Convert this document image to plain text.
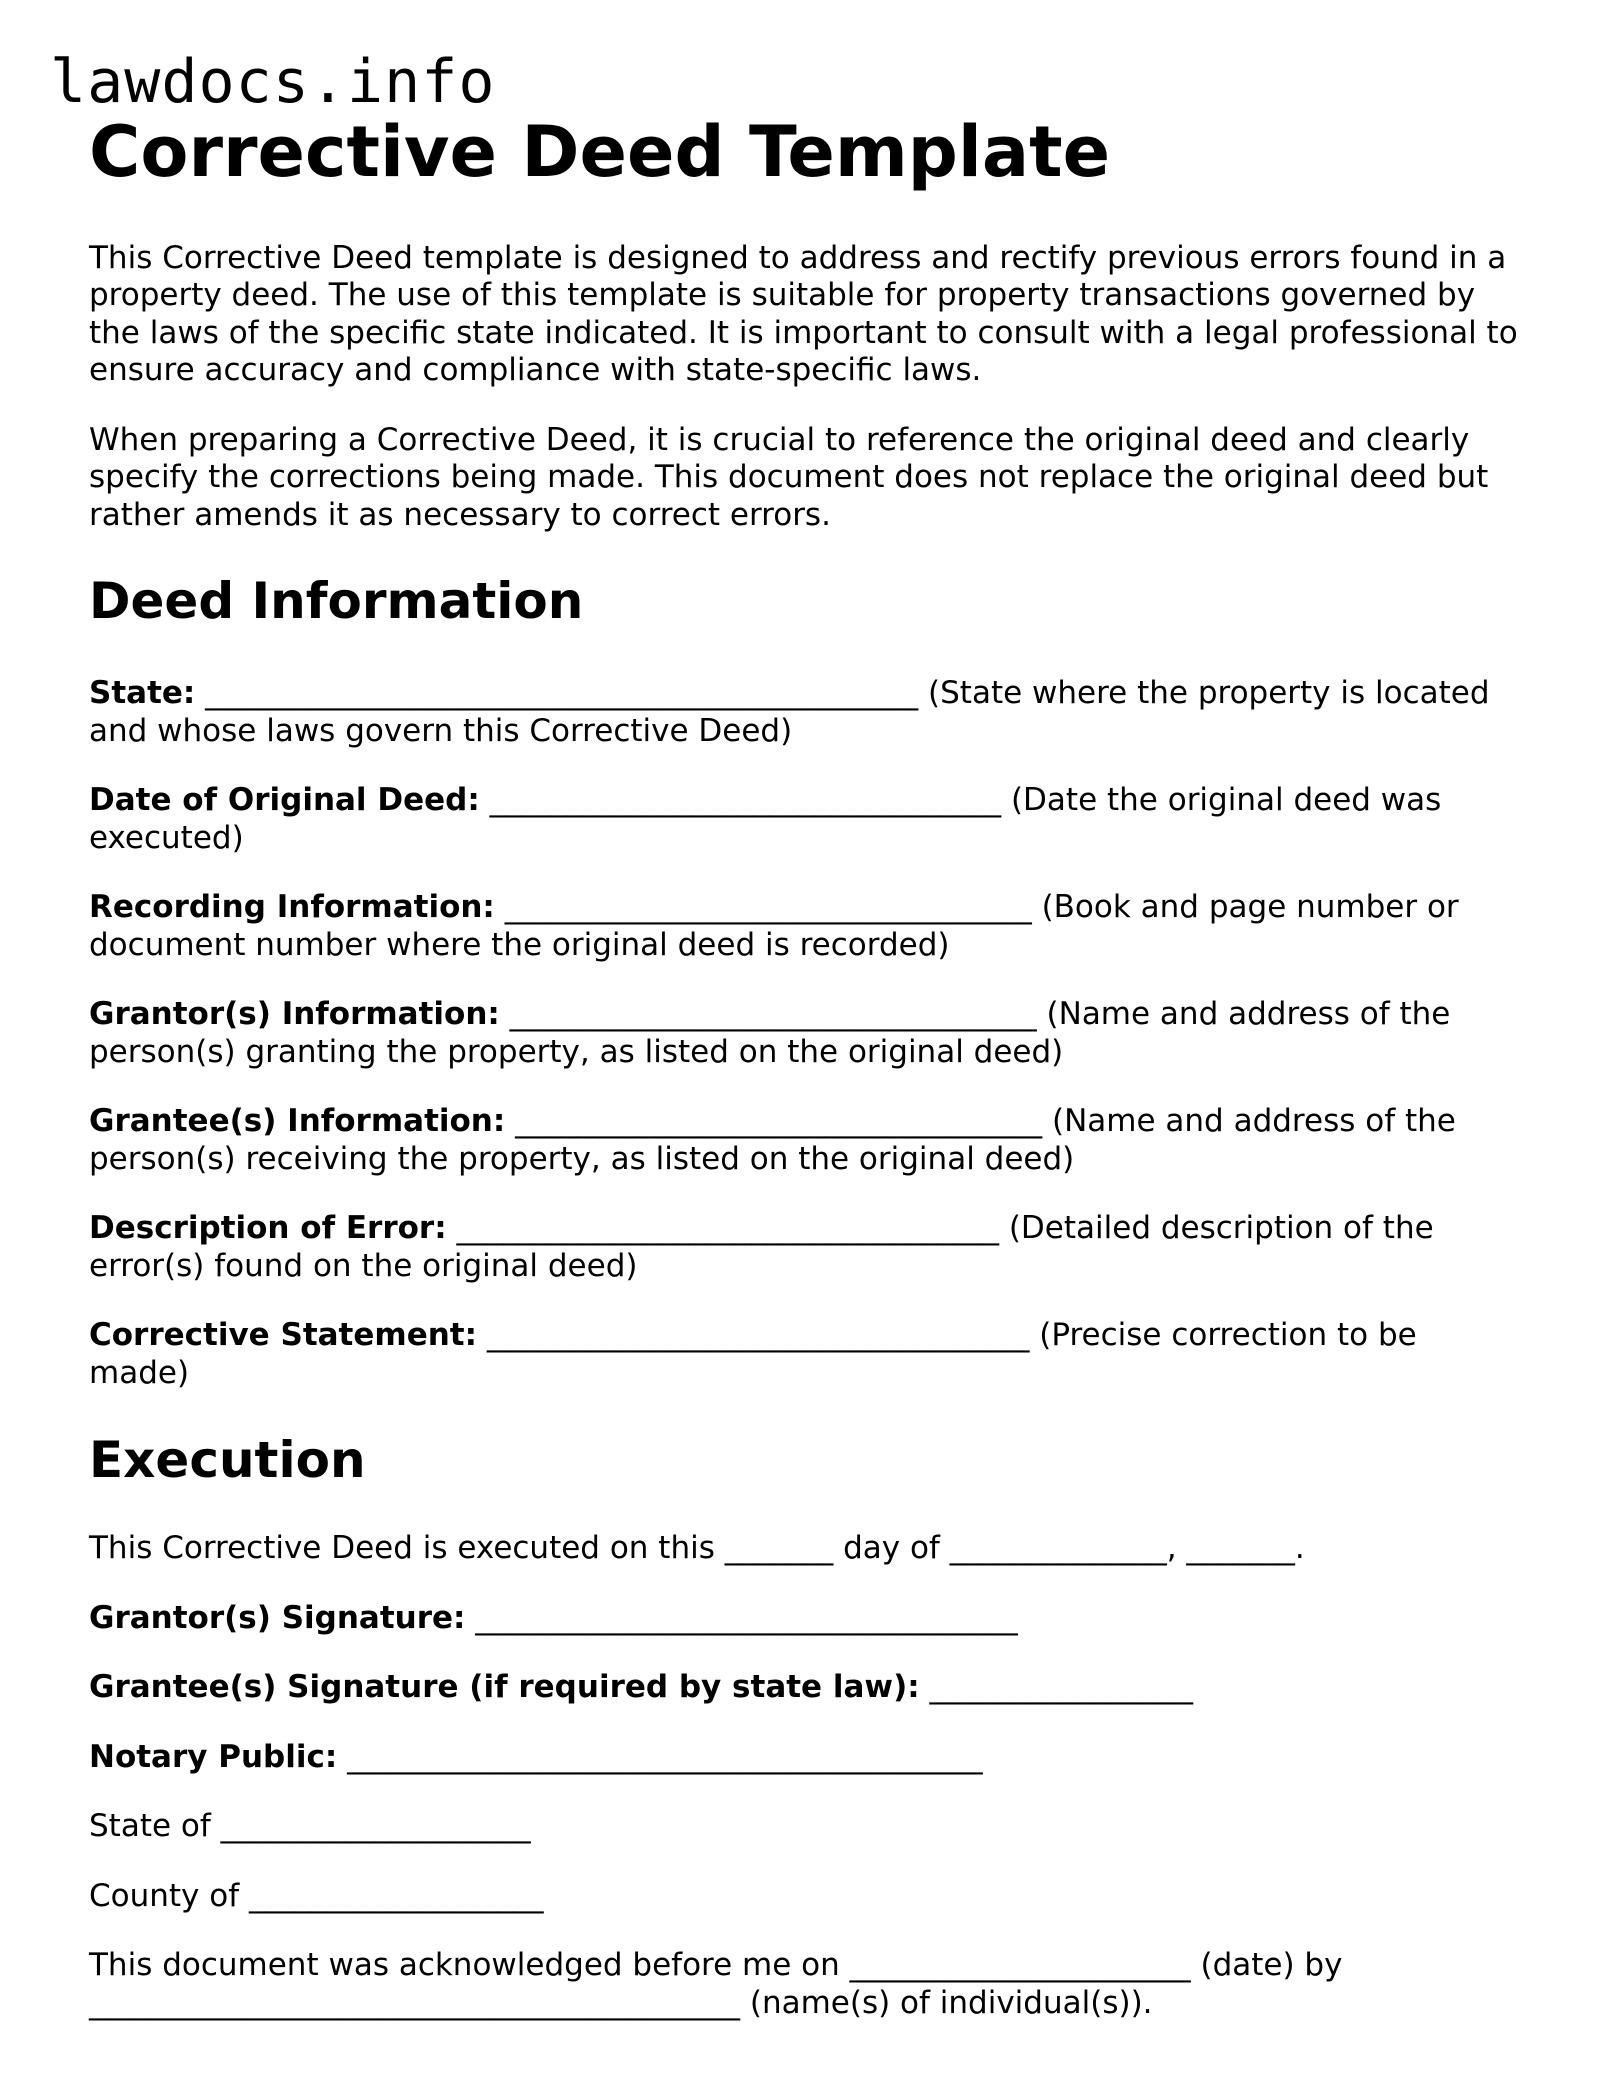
lawdocs.info
Corrective Deed Template

This Corrective Deed template is designed to address and rectify previous errors found in a property deed. The use of this template is suitable for property transactions governed by the laws of the specific state indicated. It is important to consult with a legal professional to ensure accuracy and compliance with state-specific laws.

When preparing a Corrective Deed, it is crucial to reference the original deed and clearly specify the corrections being made. This document does not replace the original deed but rather amends it as necessary to correct errors.

Deed Information

State: ______________________________________________ (State where the property is located and whose laws govern this Corrective Deed)

Date of Original Deed: _________________________________ (Date the original deed was executed)

Recording Information: __________________________________ (Book and page number or document number where the original deed is recorded)

Grantor(s) Information: __________________________________ (Name and address of the person(s) granting the property, as listed on the original deed)

Grantee(s) Information: __________________________________ (Name and address of the person(s) receiving the property, as listed on the original deed)

Description of Error: ___________________________________ (Detailed description of the error(s) found on the original deed)

Corrective Statement: ___________________________________ (Precise correction to be made)

Execution

This Corrective Deed is executed on this _______ day of ______________, _______.

Grantor(s) Signature: ___________________________________

Grantee(s) Signature (if required by state law): _________________

Notary Public: _________________________________________

State of ____________________

County of ___________________

This document was acknowledged before me on ______________________ (date) by __________________________________________ (name(s) of individual(s)).
